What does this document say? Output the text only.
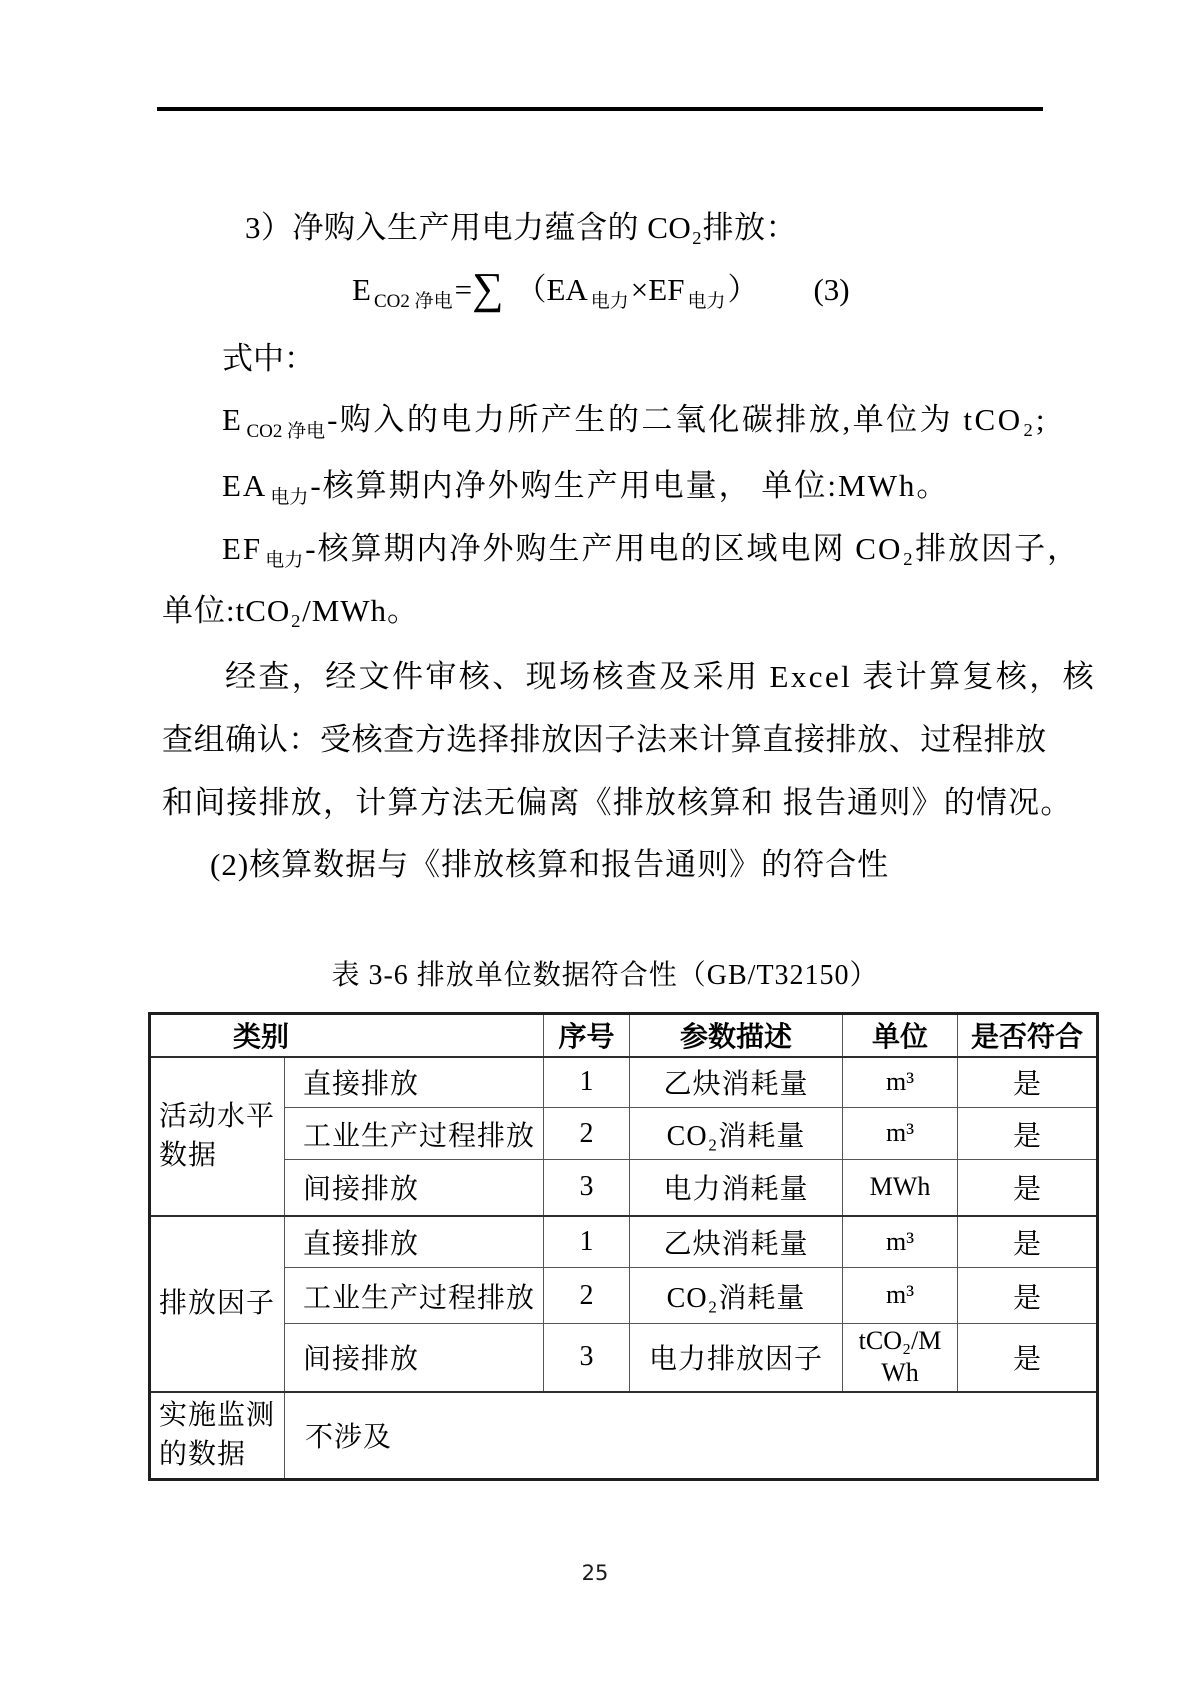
3）净购入生产用电力蕴含的 CO₂排放：
E $_{CO2 净电}$=∑ （EA $_{电力}$×EF $_{电力}$） (3)
式中：
E $_{CO2 净电}$-购入的电力所产生的二氧化碳排放,单位为 tCO₂;
EA $_{电力}$-核算期内净外购生产用电量， 单位:MWh。
EF $_{电力}$-核算期内净外购生产用电的区域电网 CO₂排放因子，
单位:tCO₂/MWh。
经查，经文件审核、现场核查及采用 Excel 表计算复核，核
查组确认：受核查方选择排放因子法来计算直接排放、过程排放
和间接排放，计算方法无偏离《排放核算和 报告通则》的情况。
(2)核算数据与《排放核算和报告通则》的符合性
表 3-6 排放单位数据符合性（GB/T32150）
类别		序号	参数描述	单位	是否符合
活动水平数据	直接排放	1	乙炔消耗量	m³	是
	工业生产过程排放	2	CO₂消耗量	m³	是
	间接排放	3	电力消耗量	MWh	是
排放因子	直接排放	1	乙炔消耗量	m³	是
	工业生产过程排放	2	CO₂消耗量	m³	是
	间接排放	3	电力排放因子	tCO₂/MWh	是
实施监测的数据	不涉及				
25
